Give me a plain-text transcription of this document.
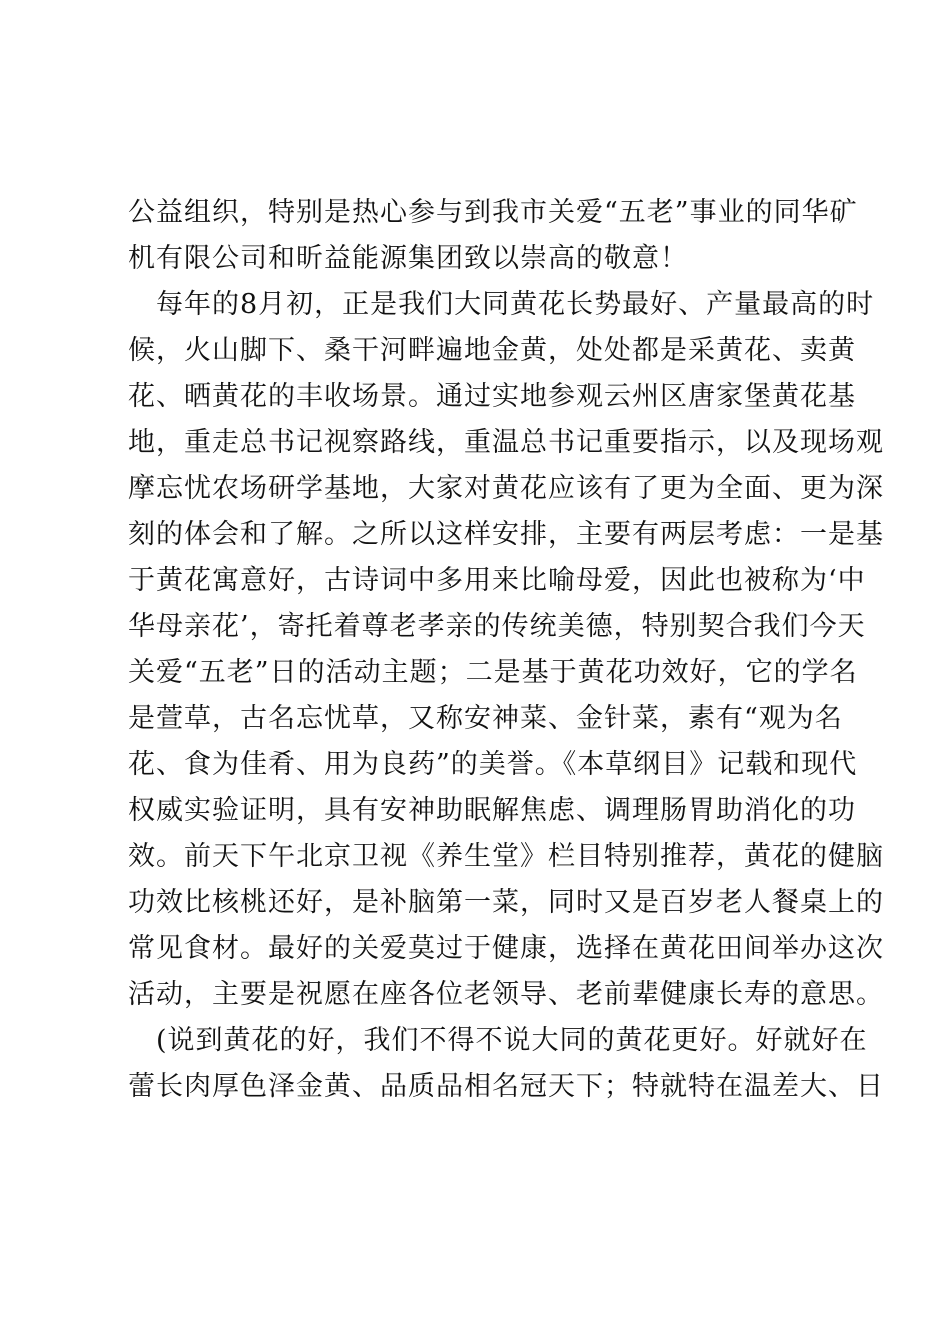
公益组织，特别是热心参与到我市关爱“五老”事业的同华矿
机有限公司和昕益能源集团致以崇高的敬意！
　每年的8月初，正是我们大同黄花长势最好、产量最高的时
候，火山脚下、桑干河畔遍地金黄，处处都是采黄花、卖黄
花、晒黄花的丰收场景。通过实地参观云州区唐家堡黄花基
地，重走总书记视察路线，重温总书记重要指示，以及现场观
摩忘忧农场研学基地，大家对黄花应该有了更为全面、更为深
刻的体会和了解。之所以这样安排，主要有两层考虑：一是基
于黄花寓意好，古诗词中多用来比喻母爱，因此也被称为‘中
华母亲花’，寄托着尊老孝亲的传统美德，特别契合我们今天
关爱“五老”日的活动主题；二是基于黄花功效好，它的学名
是萱草，古名忘忧草，又称安神菜、金针菜，素有“观为名
花、食为佳肴、用为良药”的美誉。《本草纲目》记载和现代
权威实验证明，具有安神助眠解焦虑、调理肠胃助消化的功
效。前天下午北京卫视《养生堂》栏目特别推荐，黄花的健脑
功效比核桃还好，是补脑第一菜，同时又是百岁老人餐桌上的
常见食材。最好的关爱莫过于健康，选择在黄花田间举办这次
活动，主要是祝愿在座各位老领导、老前辈健康长寿的意思。
　(说到黄花的好，我们不得不说大同的黄花更好。好就好在
蕾长肉厚色泽金黄、品质品相名冠天下；特就特在温差大、日
